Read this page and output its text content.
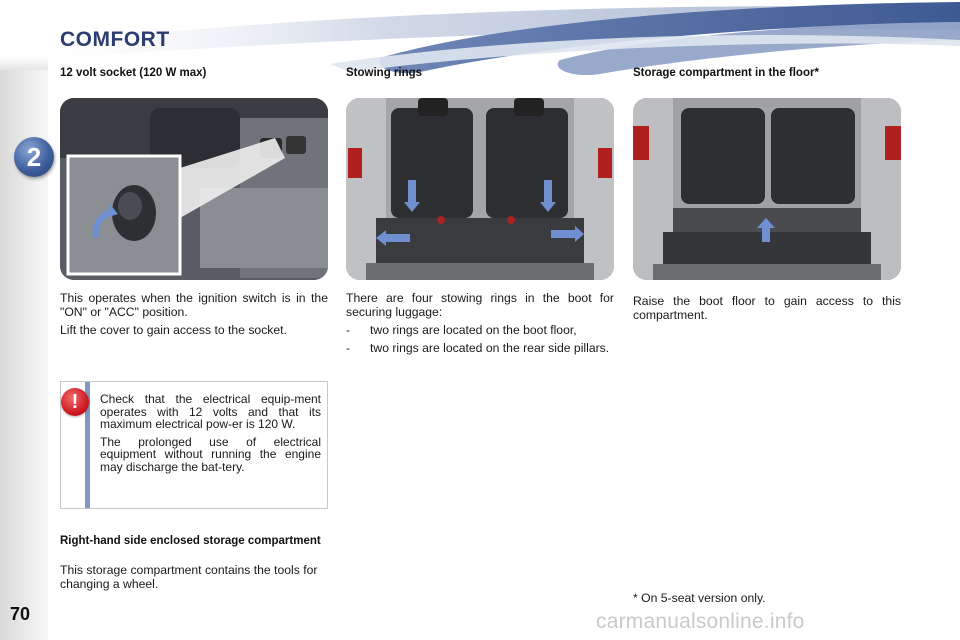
2
70
COMFORT
12 volt socket (120 W max)	Stowing rings	Storage compartment in the floor*

This operates when the ignition switch is in the "ON" or "ACC" position.

Lift the cover to gain access to the socket.

There are four stowing rings in the boot for securing luggage:

- two rings are located on the boot floor,
- two rings are located on the rear side pillars.

Raise the boot floor to gain access to this compartment.

!	Check that the electrical equip-ment operates with 12 volts and that its maximum electrical pow-er is 120 W.

The prolonged use of electrical equipment without running the engine may discharge the bat-tery.

Right-hand side enclosed storage compartment
This storage compartment contains the tools for changing a wheel.
* On 5-seat version only.
carmanualsonline.info
